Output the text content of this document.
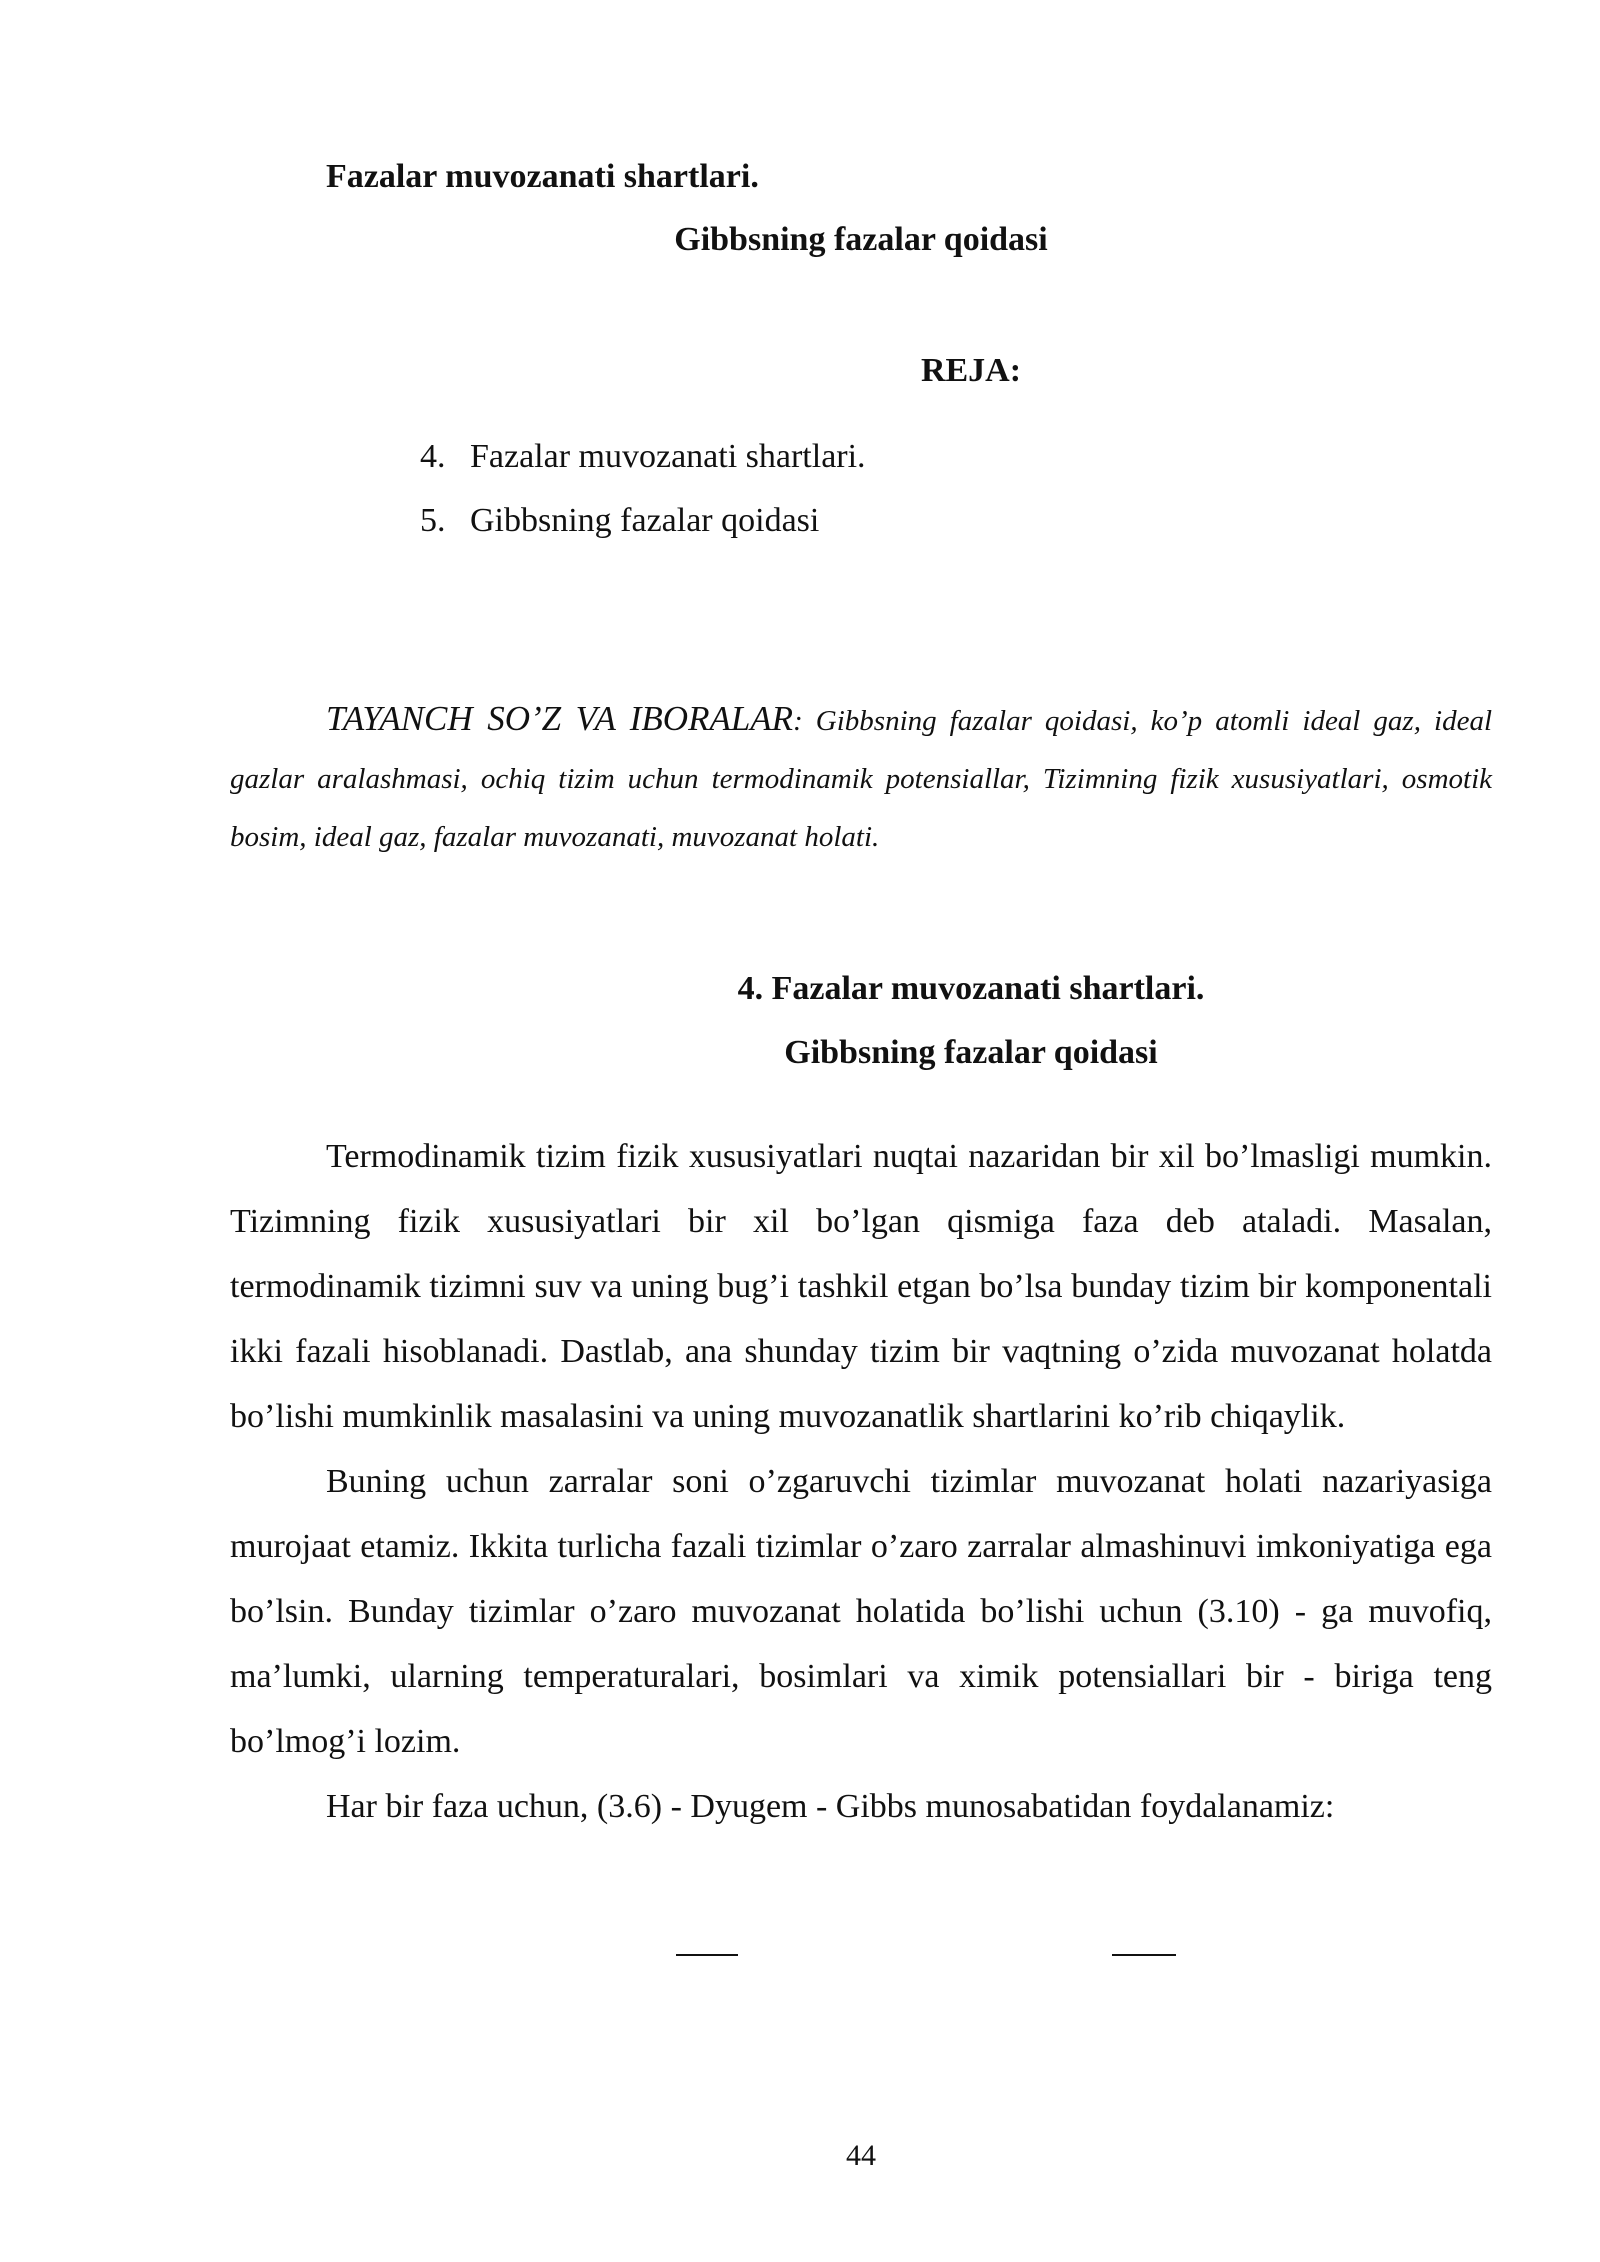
Fazalar muvozanati shartlari.
Gibbsning fazalar qoidasi
REJA:
4. Fazalar muvozanati shartlari.
5. Gibbsning fazalar qoidasi
TAYANCH SO’Z VA IBORALAR: Gibbsning fazalar qoidasi, ko’p atomli ideal gaz, ideal gazlar aralashmasi, ochiq tizim uchun termodinamik potensiallar, Tizimning fizik xususiyatlari, osmotik bosim, ideal gaz, fazalar muvozanati, muvozanat holati.
4. Fazalar muvozanati shartlari.
Gibbsning fazalar qoidasi

Termodinamik tizim fizik xususiyatlari nuqtai nazaridan bir xil bo’lmasligi mumkin. Tizimning fizik xususiyatlari bir xil bo’lgan qismiga faza deb ataladi. Masalan, termodinamik tizimni suv va uning bug’i tashkil etgan bo’lsa bunday tizim bir komponentali ikki fazali hisoblanadi. Dastlab, ana shunday tizim bir vaqtning o’zida muvozanat holatda bo’lishi mumkinlik masalasini va uning muvozanatlik shartlarini ko’rib chiqaylik.

Buning uchun zarralar soni o’zgaruvchi tizimlar muvozanat holati nazariyasiga murojaat etamiz. Ikkita turlicha fazali tizimlar o’zaro zarralar almashinuvi imkoniyatiga ega bo’lsin. Bunday tizimlar o’zaro muvozanat holatida bo’lishi uchun (3.10) - ga muvofiq, ma’lumki, ularning temperaturalari, bosimlari va ximik potensiallari bir - biriga teng bo’lmog’i lozim.

Har bir faza uchun, (3.6) - Dyugem - Gibbs munosabatidan foydalanamiz:

44
